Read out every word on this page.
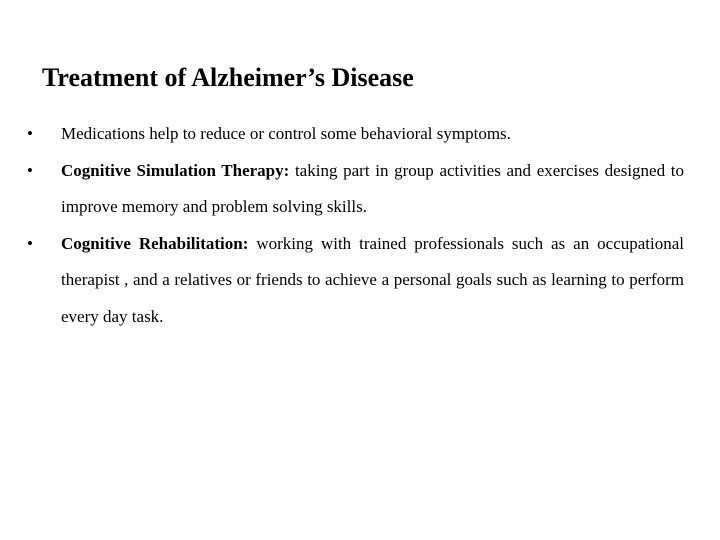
Treatment of Alzheimer’s Disease
• Medications help to reduce or control some behavioral symptoms.
• Cognitive Simulation Therapy: taking part in group activities and exercises designed to improve memory and problem solving skills.
• Cognitive Rehabilitation: working with trained professionals such as an occupational therapist , and a relatives or friends to achieve a personal goals such as learning to perform every day task.
